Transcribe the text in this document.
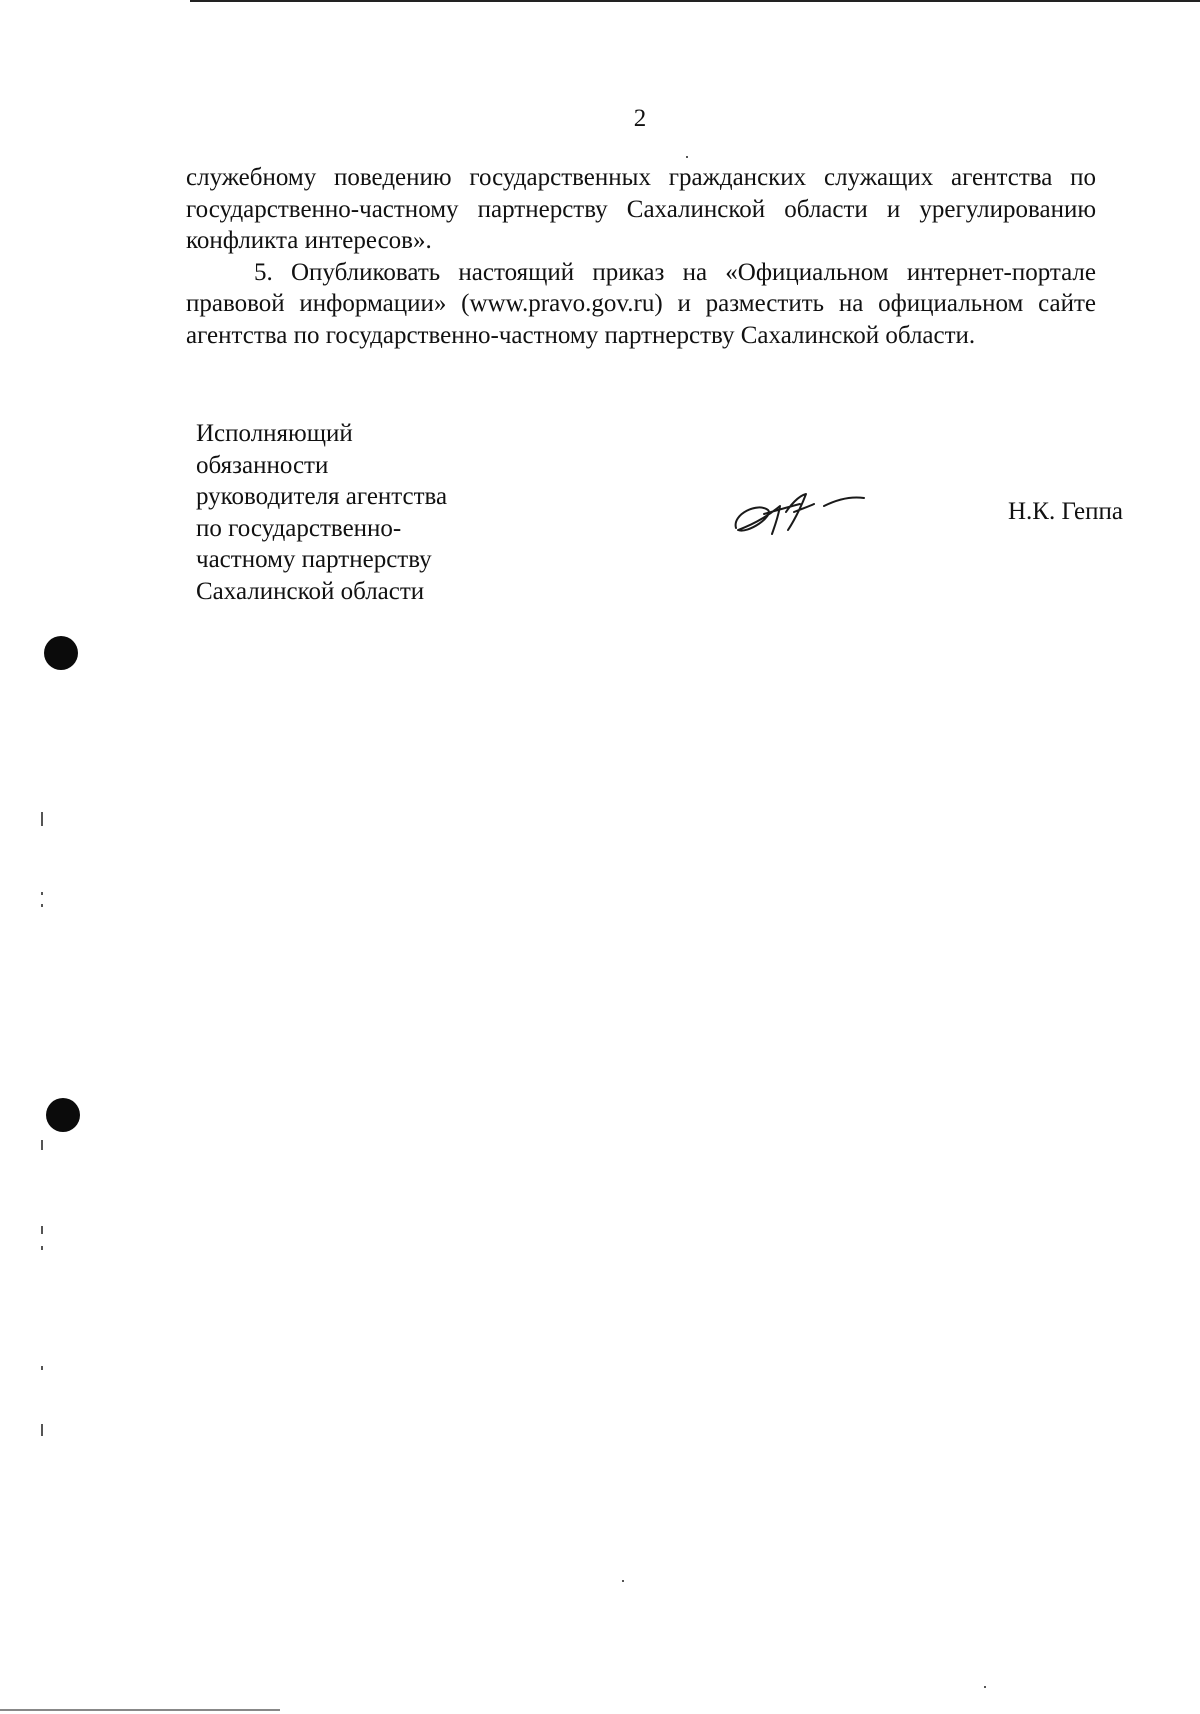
2

служебному поведению государственных гражданских служащих агентства по государственно-частному партнерству Сахалинской области и урегулированию конфликта интересов».

5. Опубликовать настоящий приказ на «Официальном интернет-портале правовой информации» (www.pravo.gov.ru) и разместить на официальном сайте агентства по государственно-частному партнерству Сахалинской области.

Исполняющий
обязанности
руководителя агентства
по государственно-
частному партнерству
Сахалинской области
Н.К. Геппа
